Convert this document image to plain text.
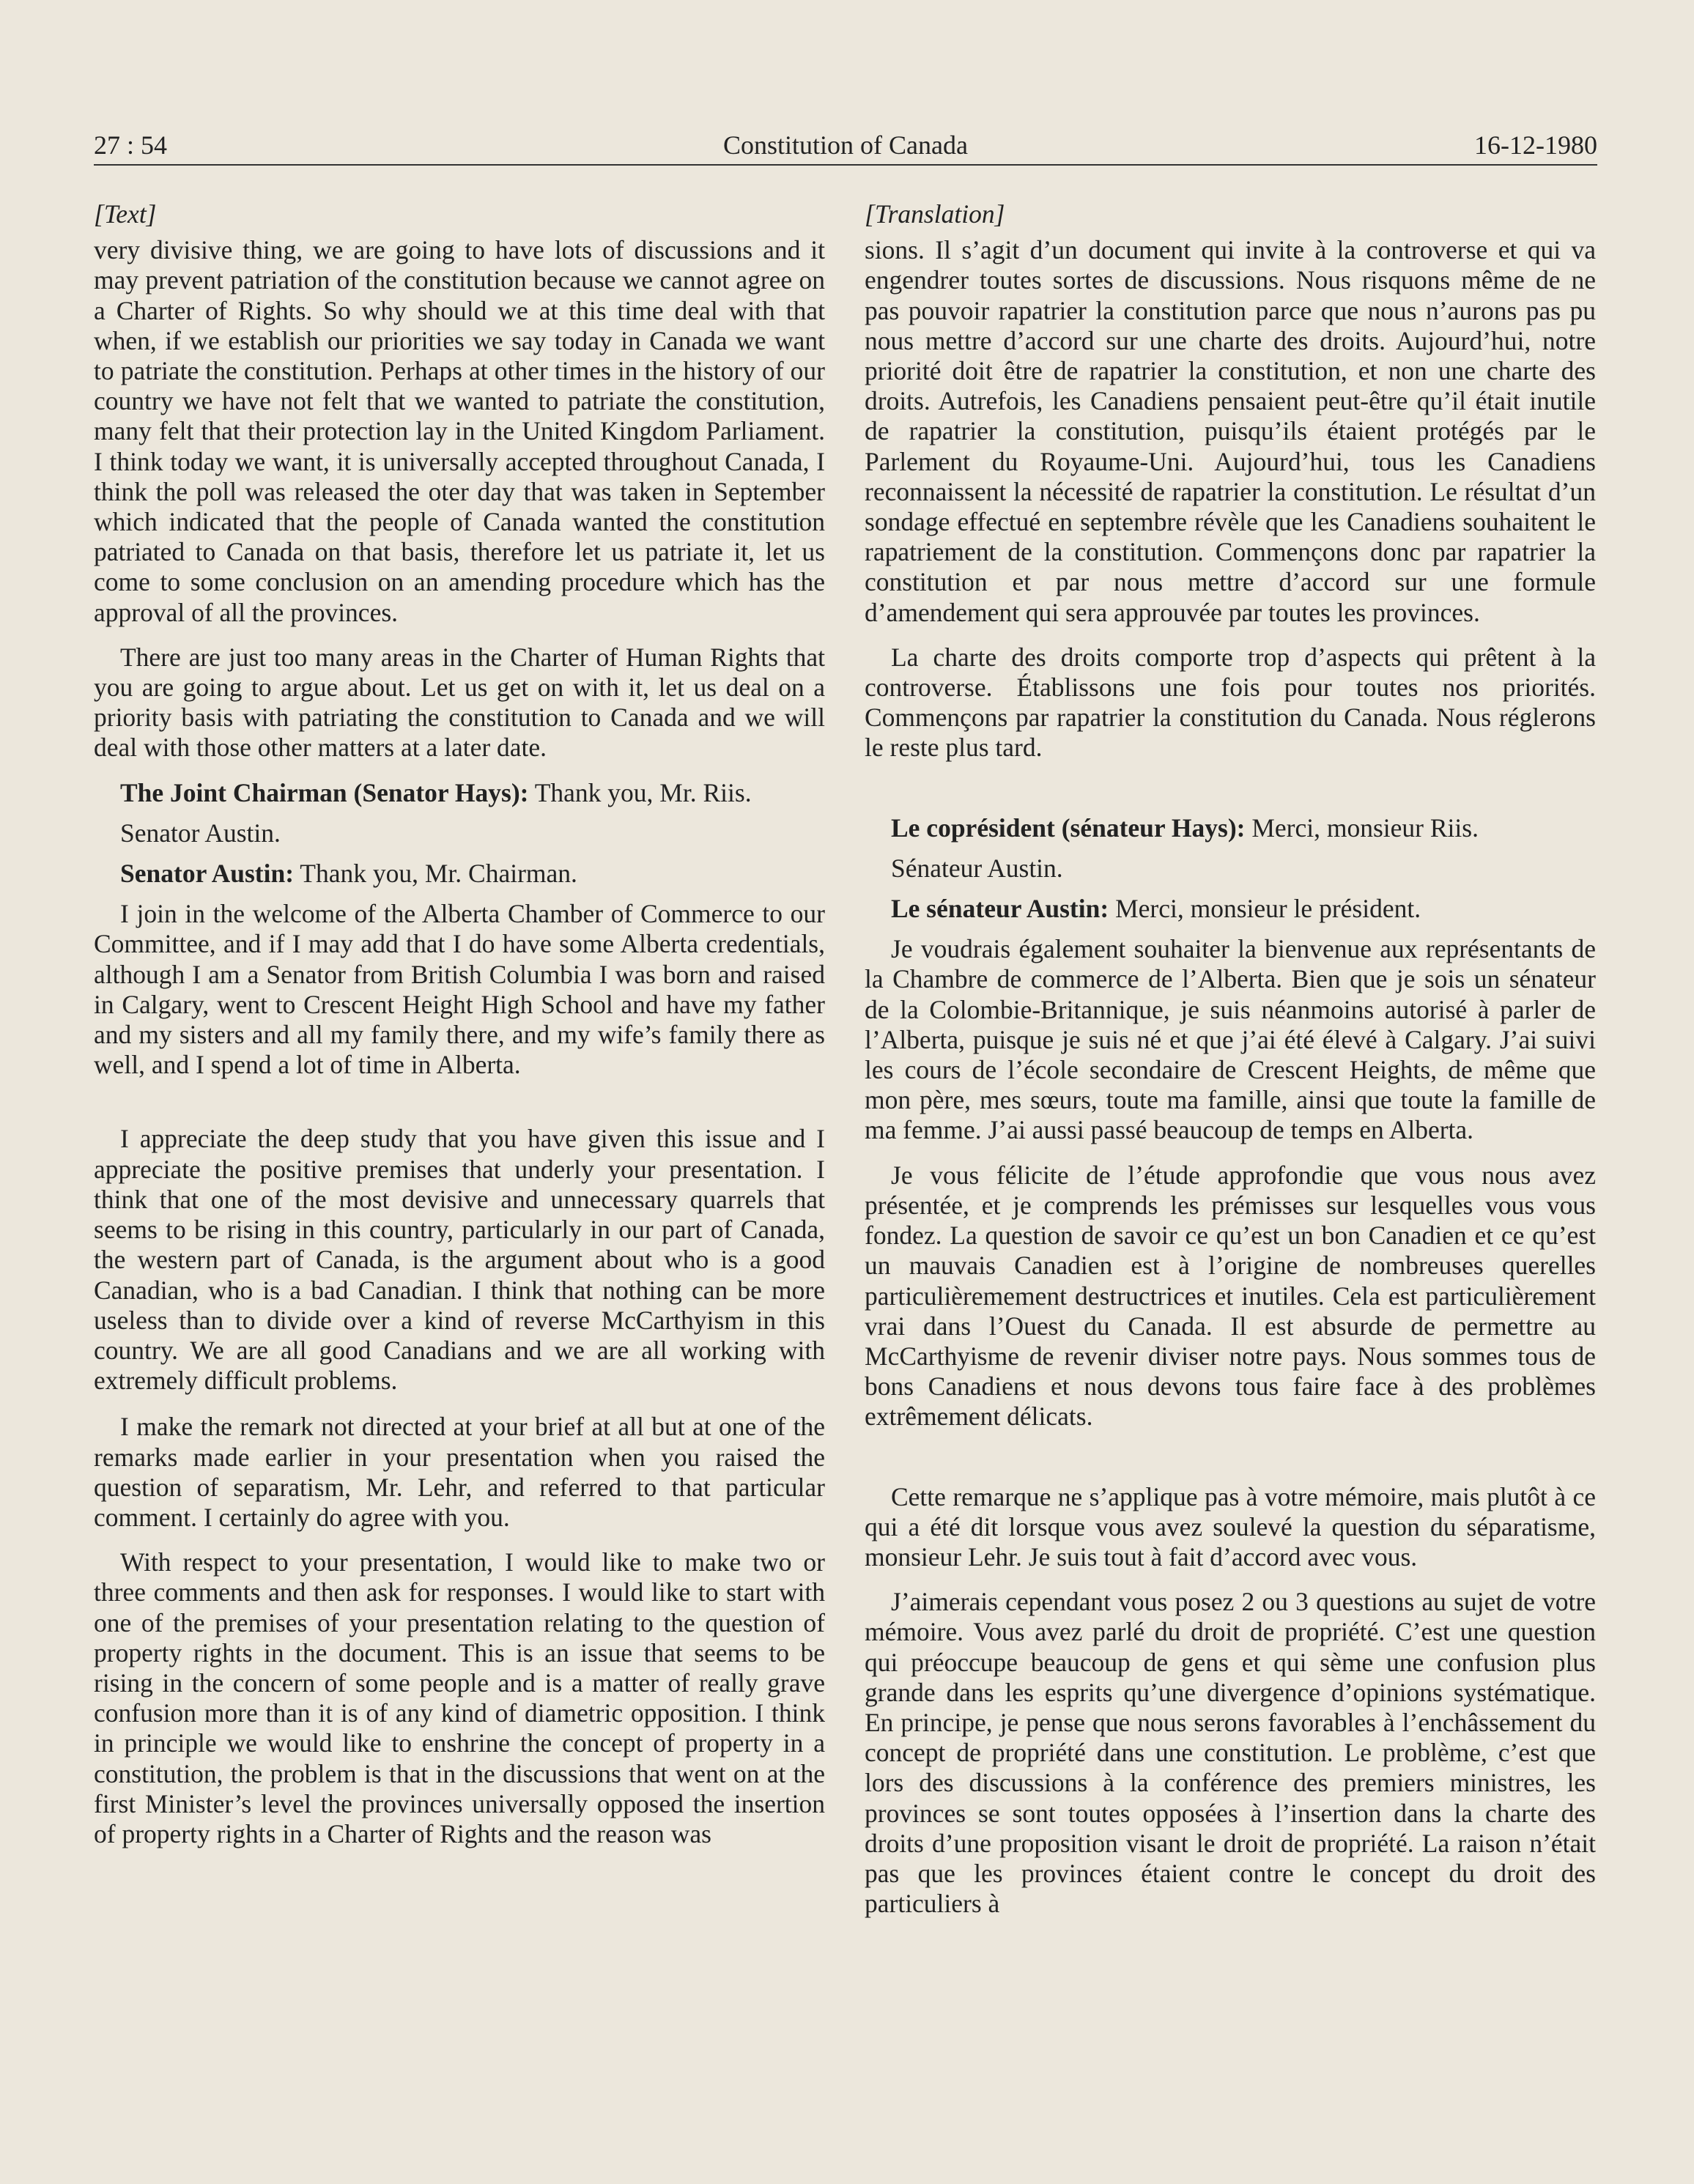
27 : 54	Constitution of Canada	16-12-1980
[Text]

very divisive thing, we are going to have lots of discussions and it may prevent patriation of the constitution because we cannot agree on a Charter of Rights. So why should we at this time deal with that when, if we establish our priorities we say today in Canada we want to patriate the constitution. Perhaps at other times in the history of our country we have not felt that we wanted to patriate the constitution, many felt that their protection lay in the United Kingdom Parliament. I think today we want, it is universally accepted throughout Canada, I think the poll was released the oter day that was taken in September which indicated that the people of Canada wanted the constitution patriated to Canada on that basis, therefore let us patriate it, let us come to some conclusion on an amending procedure which has the approval of all the provinces.

There are just too many areas in the Charter of Human Rights that you are going to argue about. Let us get on with it, let us deal on a priority basis with patriating the constitution to Canada and we will deal with those other matters at a later date.

The Joint Chairman (Senator Hays): Thank you, Mr. Riis.

Senator Austin.

Senator Austin: Thank you, Mr. Chairman.

I join in the welcome of the Alberta Chamber of Commerce to our Committee, and if I may add that I do have some Alberta credentials, although I am a Senator from British Columbia I was born and raised in Calgary, went to Crescent Height High School and have my father and my sisters and all my family there, and my wife’s family there as well, and I spend a lot of time in Alberta.

I appreciate the deep study that you have given this issue and I appreciate the positive premises that underly your presentation. I think that one of the most devisive and unnecessary quarrels that seems to be rising in this country, particularly in our part of Canada, the western part of Canada, is the argument about who is a good Canadian, who is a bad Canadian. I think that nothing can be more useless than to divide over a kind of reverse McCarthyism in this country. We are all good Canadians and we are all working with extremely difficult problems.

I make the remark not directed at your brief at all but at one of the remarks made earlier in your presentation when you raised the question of separatism, Mr. Lehr, and referred to that particular comment. I certainly do agree with you.

With respect to your presentation, I would like to make two or three comments and then ask for responses. I would like to start with one of the premises of your presentation relating to the question of property rights in the document. This is an issue that seems to be rising in the concern of some people and is a matter of really grave confusion more than it is of any kind of diametric opposition. I think in principle we would like to enshrine the concept of property in a constitution, the problem is that in the discussions that went on at the first Minister’s level the provinces universally opposed the insertion of property rights in a Charter of Rights and the reason was

[Translation]

sions. Il s’agit d’un document qui invite à la controverse et qui va engendrer toutes sortes de discussions. Nous risquons même de ne pas pouvoir rapatrier la constitution parce que nous n’aurons pas pu nous mettre d’accord sur une charte des droits. Aujourd’hui, notre priorité doit être de rapatrier la constitution, et non une charte des droits. Autrefois, les Canadiens pensaient peut-être qu’il était inutile de rapatrier la constitution, puisqu’ils étaient protégés par le Parlement du Royaume-Uni. Aujourd’hui, tous les Canadiens reconnaissent la nécessité de rapatrier la constitution. Le résultat d’un sondage effectué en septembre révèle que les Canadiens souhaitent le rapatriement de la constitution. Commençons donc par rapatrier la constitution et par nous mettre d’accord sur une formule d’amendement qui sera approuvée par toutes les provinces.

La charte des droits comporte trop d’aspects qui prêtent à la controverse. Établissons une fois pour toutes nos priorités. Commençons par rapatrier la constitution du Canada. Nous réglerons le reste plus tard.

Le coprésident (sénateur Hays): Merci, monsieur Riis.

Sénateur Austin.

Le sénateur Austin: Merci, monsieur le président.

Je voudrais également souhaiter la bienvenue aux représentants de la Chambre de commerce de l’Alberta. Bien que je sois un sénateur de la Colombie-Britannique, je suis néanmoins autorisé à parler de l’Alberta, puisque je suis né et que j’ai été élevé à Calgary. J’ai suivi les cours de l’école secondaire de Crescent Heights, de même que mon père, mes sœurs, toute ma famille, ainsi que toute la famille de ma femme. J’ai aussi passé beaucoup de temps en Alberta.

Je vous félicite de l’étude approfondie que vous nous avez présentée, et je comprends les prémisses sur lesquelles vous vous fondez. La question de savoir ce qu’est un bon Canadien et ce qu’est un mauvais Canadien est à l’origine de nombreuses querelles particulièremement destructrices et inutiles. Cela est particulièrement vrai dans l’Ouest du Canada. Il est absurde de permettre au McCarthyisme de revenir diviser notre pays. Nous sommes tous de bons Canadiens et nous devons tous faire face à des problèmes extrêmement délicats.

Cette remarque ne s’applique pas à votre mémoire, mais plutôt à ce qui a été dit lorsque vous avez soulevé la question du séparatisme, monsieur Lehr. Je suis tout à fait d’accord avec vous.

J’aimerais cependant vous posez 2 ou 3 questions au sujet de votre mémoire. Vous avez parlé du droit de propriété. C’est une question qui préoccupe beaucoup de gens et qui sème une confusion plus grande dans les esprits qu’une divergence d’opinions systématique. En principe, je pense que nous serons favorables à l’enchâssement du concept de propriété dans une constitution. Le problème, c’est que lors des discussions à la conférence des premiers ministres, les provinces se sont toutes opposées à l’insertion dans la charte des droits d’une proposition visant le droit de propriété. La raison n’était pas que les provinces étaient contre le concept du droit des particuliers à
